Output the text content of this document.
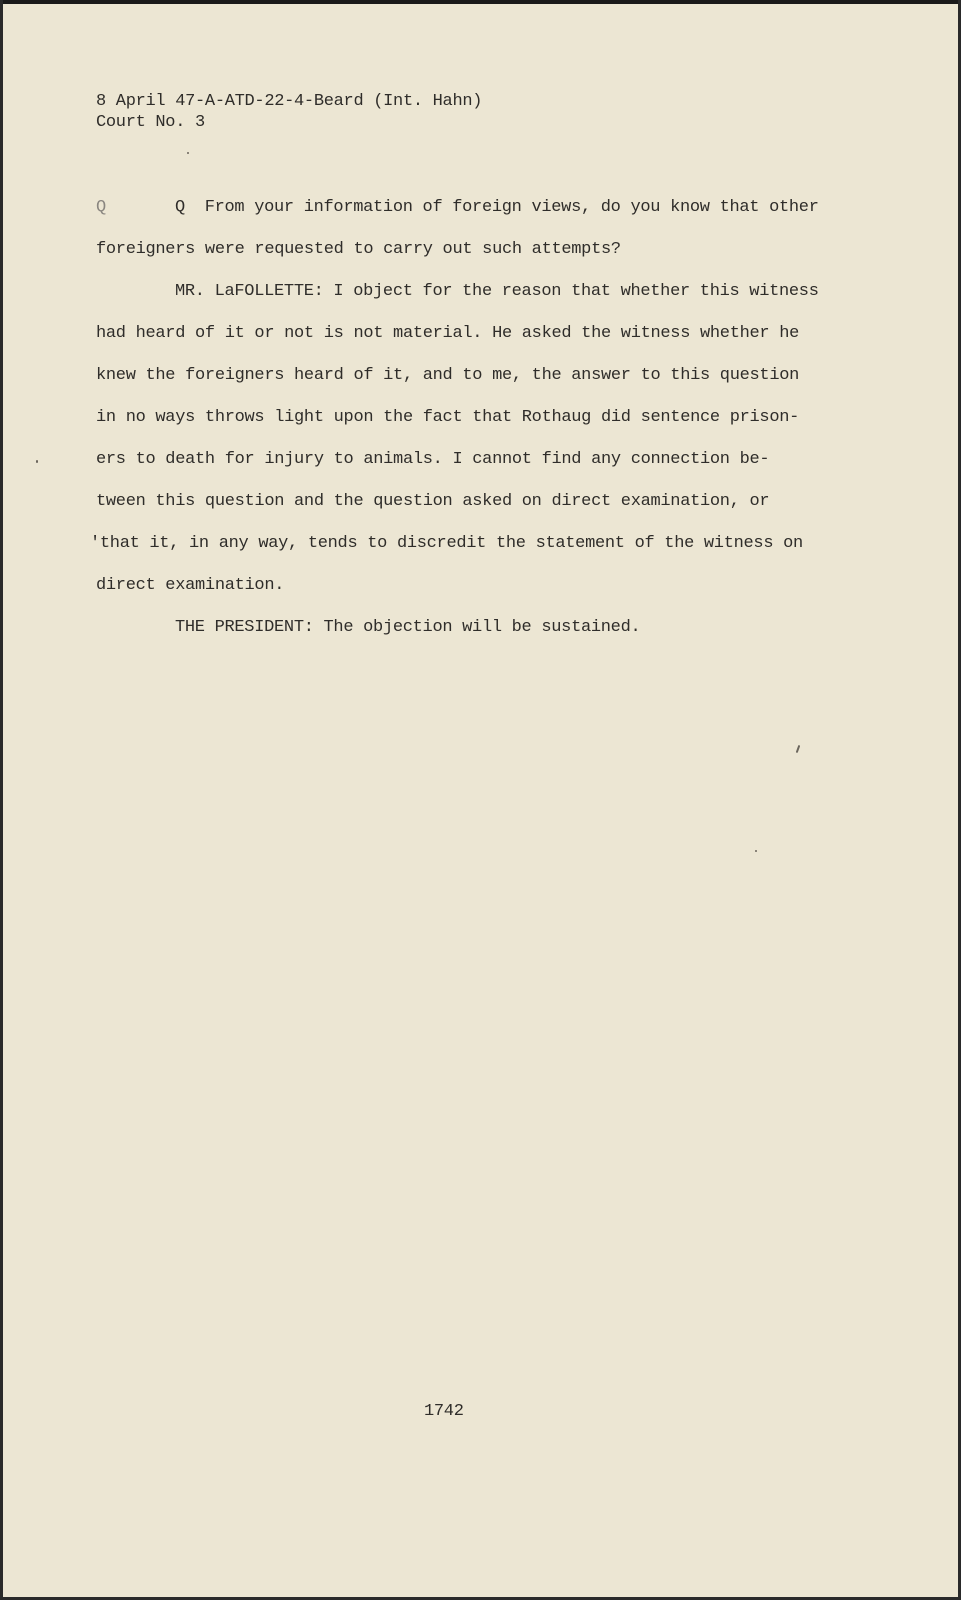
8 April 47-A-ATD-22-4-Beard (Int. Hahn)
Court No. 3
Q	Q  From your information of foreign views, do you know that other
foreigners were requested to carry out such attempts?
MR. LaFOLLETTE: I object for the reason that whether this witness
had heard of it or not is not material. He asked the witness whether he
knew the foreigners heard of it, and to me, the answer to this question
in no ways throws light upon the fact that Rothaug did sentence prison-
ers to death for injury to animals. I cannot find any connection be-
tween this question and the question asked on direct examination, or
'that it, in any way, tends to discredit the statement of the witness on
direct examination.
THE PRESIDENT: The objection will be sustained.
1742
